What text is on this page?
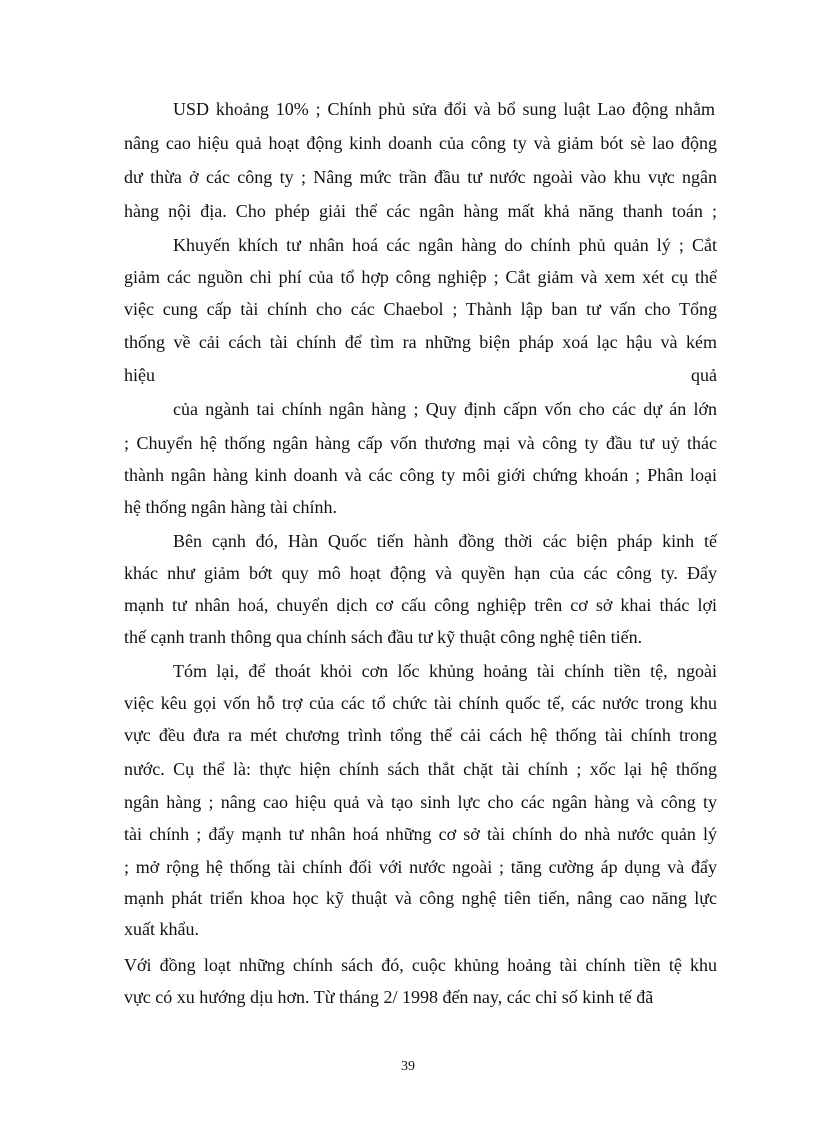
USD khoảng 10% ; Chính phủ sửa đổi và bổ sung luật Lao động nhằm

nâng cao hiệu quả hoạt động kinh doanh của công ty và giảm bót sè lao động

dư thừa ở các công ty ; Nâng mức trần đầu tư nước ngoài vào khu vực ngân

hàng nội địa. Cho phép giải thể các ngân hàng mất khả năng thanh toán ;

Khuyến khích tư nhân hoá các ngân hàng do chính phủ quản lý ; Cắt

giảm các nguồn chi phí của tổ hợp công nghiệp ; Cắt giảm và xem xét cụ thể

việc cung cấp tài chính cho các Chaebol ; Thành lập ban tư vấn cho Tổng

thống về cải cách tài chính để tìm ra những biện pháp xoá lạc hậu và kém

hiệu quả

của ngành tai chính ngân hàng ; Quy định cấpn vốn cho các dự án lớn

; Chuyển hệ thống ngân hàng cấp vốn thương mại và công ty đầu tư uỷ thác

thành ngân hàng kinh doanh và các công ty môi giới chứng khoán ; Phân loại

hệ thống ngân hàng tài chính.

Bên cạnh đó, Hàn Quốc tiến hành đồng thời các biện pháp kinh tế

khác như giảm bớt quy mô hoạt động và quyền hạn của các công ty. Đẩy

mạnh tư nhân hoá, chuyển dịch cơ cấu công nghiệp trên cơ sở khai thác lợi

thế cạnh tranh thông qua chính sách đầu tư kỹ thuật công nghệ tiên tiến.

Tóm lại, để thoát khỏi cơn lốc khủng hoảng tài chính tiền tệ, ngoài

việc kêu gọi vốn hỗ trợ của các tổ chức tài chính quốc tế, các nước trong khu

vực đều đưa ra mét chương trình tổng thể cải cách hệ thống tài chính trong

nước. Cụ thể là: thực hiện chính sách thắt chặt tài chính ; xốc lại hệ thống

ngân hàng ; nâng cao hiệu quả và tạo sinh lực cho các ngân hàng và công ty

tài chính ; đẩy mạnh tư nhân hoá những cơ sở tài chính do nhà nước quản lý

; mở rộng hệ thống tài chính đối với nước ngoài ; tăng cường áp dụng và đẩy

mạnh phát triển khoa học kỹ thuật và công nghệ tiên tiến, nâng cao năng lực

xuất khẩu.

Với đồng loạt những chính sách đó, cuộc khủng hoảng tài chính tiền tệ khu

vực có xu hướng dịu hơn. Từ tháng 2/ 1998 đến nay, các chỉ số kinh tế đã

39
